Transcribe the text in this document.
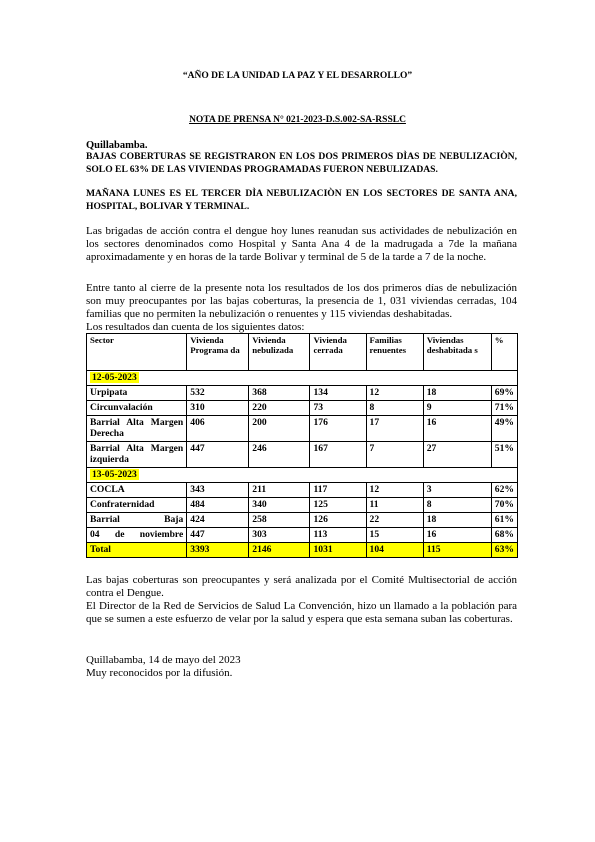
“AÑO DE LA UNIDAD LA PAZ Y EL DESARROLLO”
NOTA DE PRENSA N° 021-2023-D.S.002-SA-RSSLC
Quillabamba.
BAJAS COBERTURAS SE REGISTRARON EN LOS DOS PRIMEROS DÌAS DE NEBULIZACIÒN, SOLO EL 63% DE LAS VIVIENDAS PROGRAMADAS FUERON NEBULIZADAS.
MAÑANA LUNES ES EL TERCER DÌA NEBULIZACIÒN EN LOS SECTORES DE SANTA ANA, HOSPITAL, BOLIVAR Y TERMINAL.
Las brigadas de acción contra el dengue hoy lunes reanudan sus actividades de nebulización en los sectores denominados como Hospital y Santa Ana 4 de la madrugada a 7de la mañana aproximadamente y en horas de la tarde Bolivar y terminal de 5 de la tarde a 7 de la noche.
Entre tanto al cierre de la presente nota los resultados de los dos primeros días de nebulización son muy preocupantes por las bajas coberturas, la presencia de 1, 031 viviendas cerradas, 104 familias que no permiten la nebulización o renuentes y 115 viviendas deshabitadas.
Los resultados dan cuenta de los siguientes datos:
Sector	Vivienda Programa da	Vivienda nebulizada	Vivienda cerrada	Familias renuentes	Viviendas deshabitada s	%
12-05-2023						
Urpipata	532	368	134	12	18	69%
Circunvalación	310	220	73	8	9	71%
Barrial Alta Margen Derecha	406	200	176	17	16	49%
Barrial Alta Margen izquierda	447	246	167	7	27	51%
13-05-2023						
COCLA	343	211	117	12	3	62%
Confraternidad	484	340	125	11	8	70%
Barrial Baja	424	258	126	22	18	61%
04 de noviembre	447	303	113	15	16	68%

Total	3393	2146	1031	104	115	63%
Las bajas coberturas son preocupantes y será analizada por el Comité Multisectorial de acción contra el Dengue.
El Director de la Red de Servicios de Salud La Convención, hizo un llamado a la población para que se sumen a este esfuerzo de velar por la salud y espera que esta semana suban las coberturas.
Quillabamba, 14 de mayo del 2023
Muy reconocidos por la difusión.
